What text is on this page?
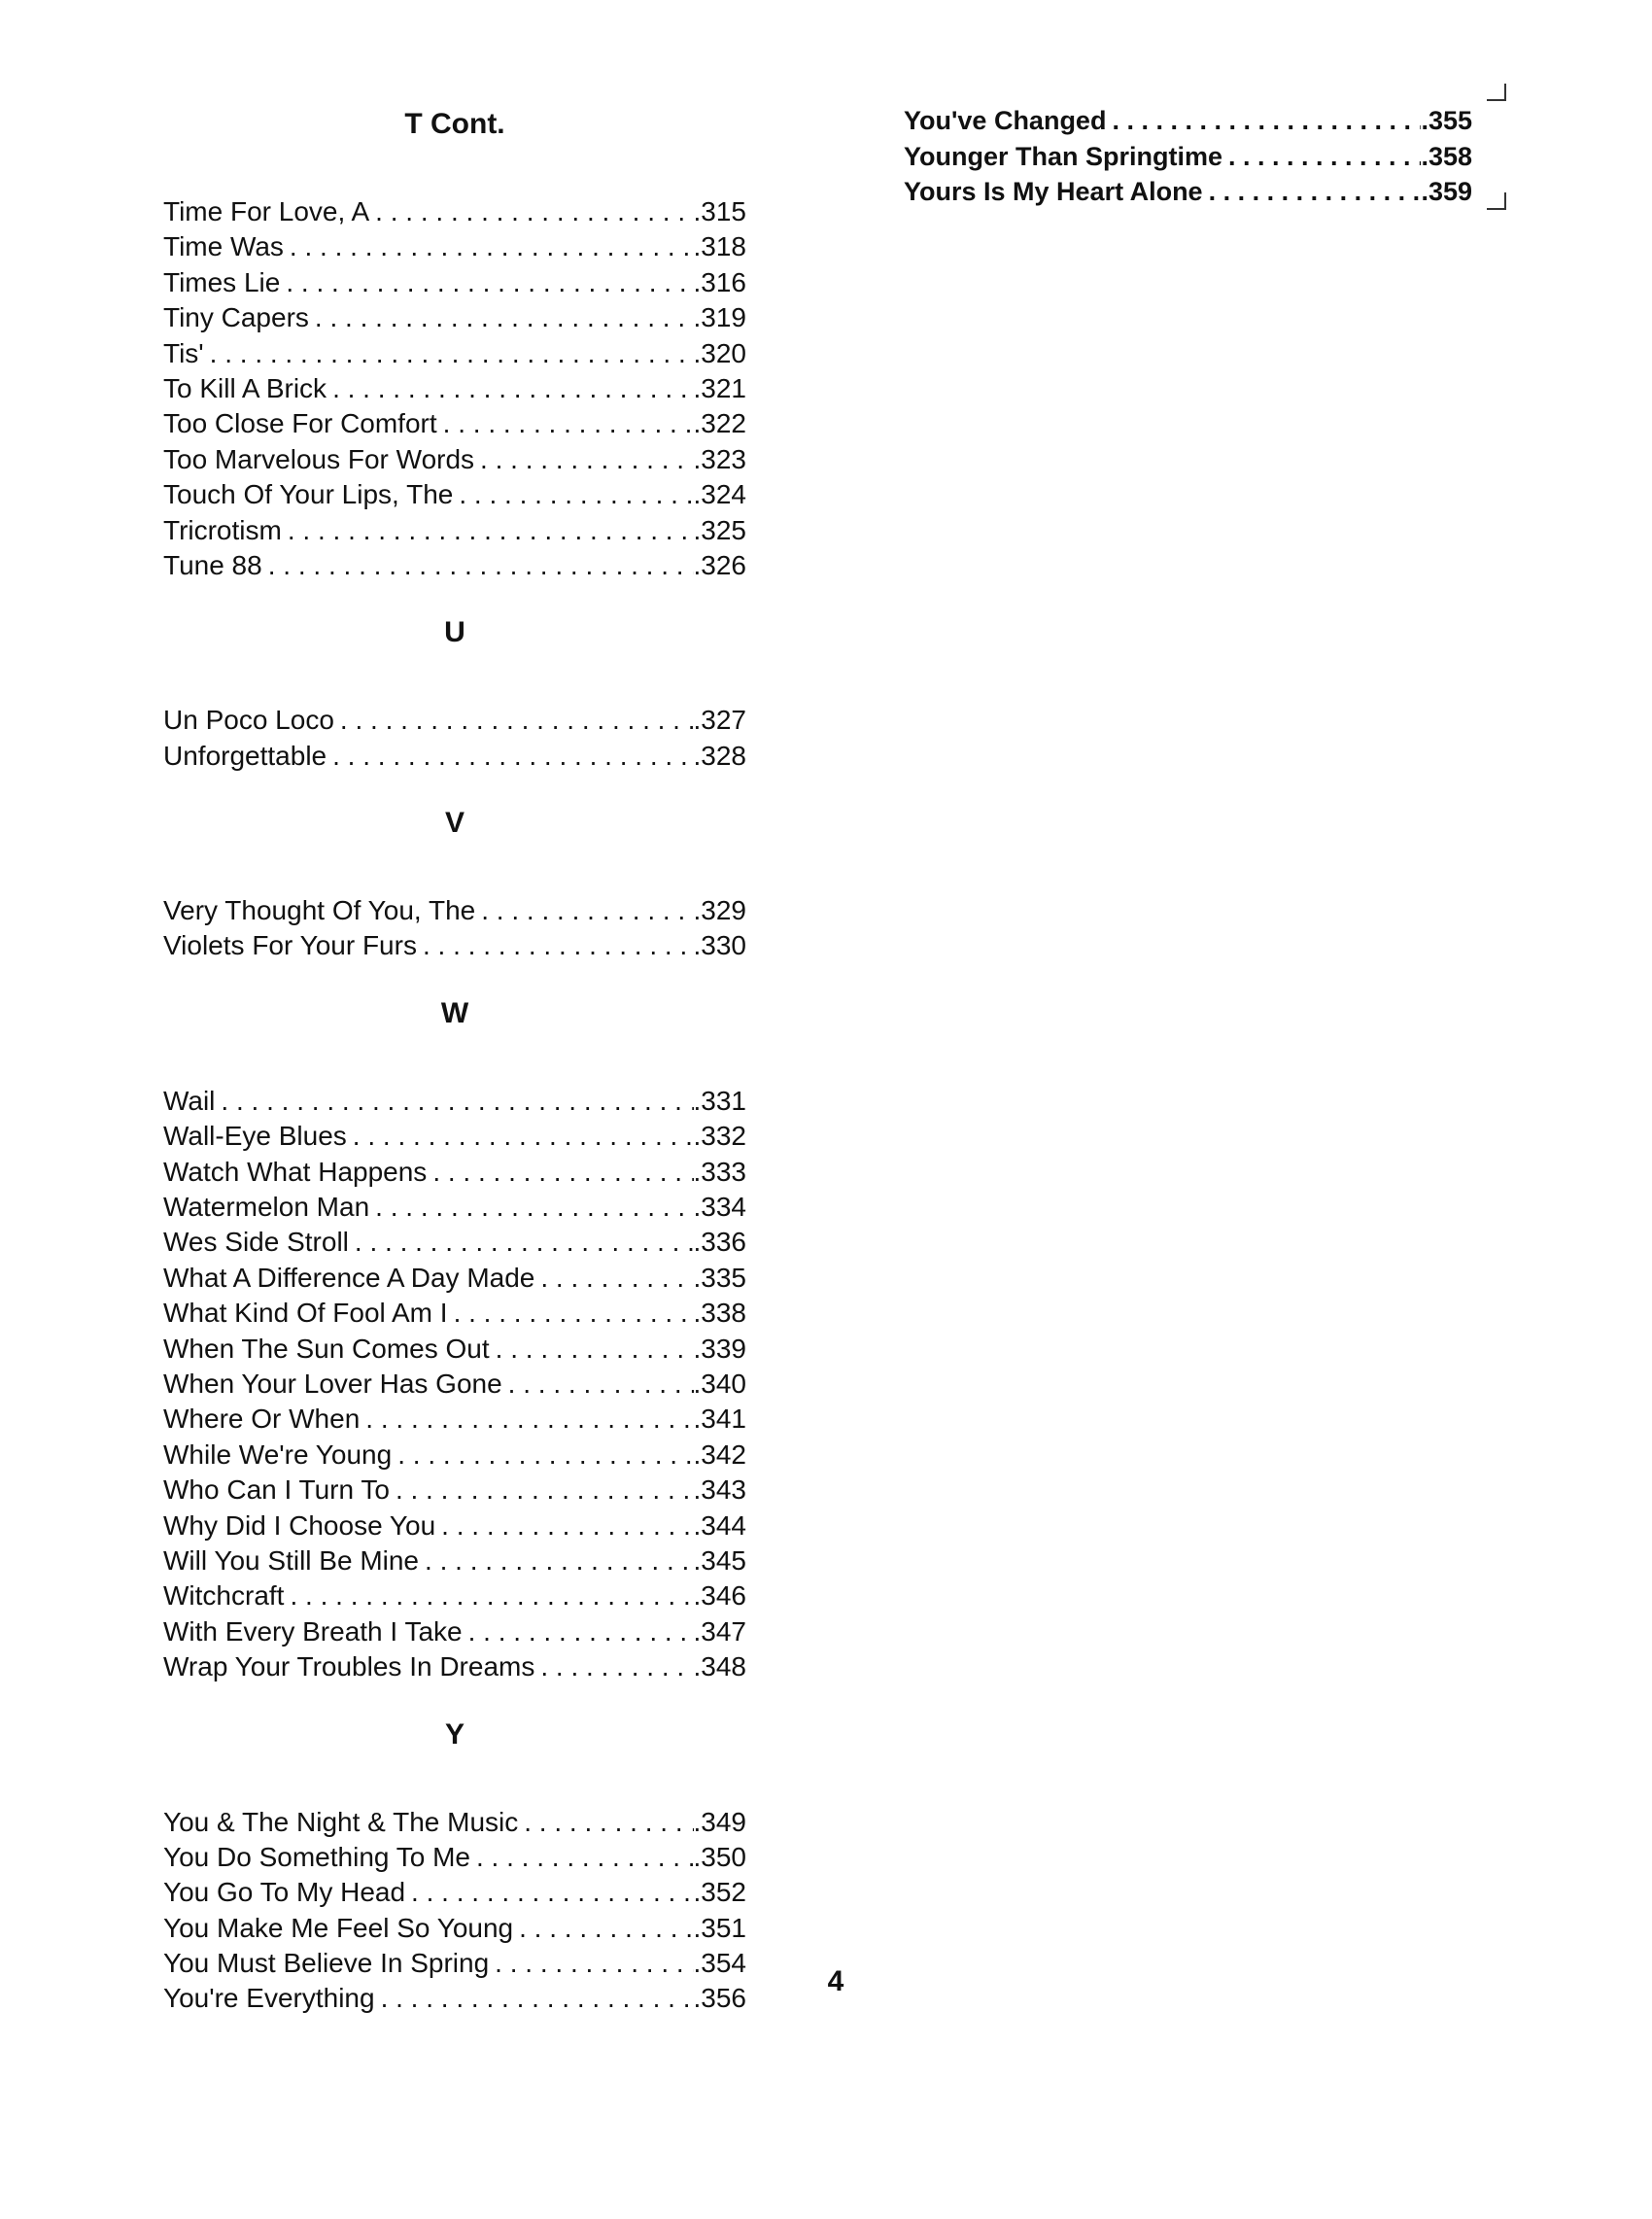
T Cont.
Time For Love, A . . .	.315
Time Was . . .	.318
Times Lie . . .	.316
Tiny Capers . . .	.319
Tis' . . .	.320
To Kill A Brick . . .	.321
Too Close For Comfort . . .	.322
Too Marvelous For Words . . .	.323
Touch Of Your Lips, The . . .	.324
Tricrotism . . .	.325
Tune 88 . . .	.326
U
Un Poco Loco . . .	.327
Unforgettable . . .	.328
V
Very Thought Of You, The . . .	.329
Violets For Your Furs . . .	.330
W
Wail . . .	.331
Wall-Eye Blues . . .	.332
Watch What Happens . . .	.333
Watermelon Man . . .	.334
Wes Side Stroll . . .	.336
What A Difference A Day Made . . .	.335
What Kind Of Fool Am I . . .	.338
When The Sun Comes Out . . .	.339
When Your Lover Has Gone . . .	.340
Where Or When . . .	.341
While We're Young . . .	.342
Who Can I Turn To . . .	.343
Why Did I Choose You . . .	.344
Will You Still Be Mine . . .	.345
Witchcraft . . .	.346
With Every Breath I Take . . .	.347
Wrap Your Troubles In Dreams . . .	.348
Y
You & The Night & The Music . . .	.349
You Do Something To Me . . .	.350
You Go To My Head . . .	.352
You Make Me Feel So Young . . .	.351
You Must Believe In Spring . . .	.354
You're Everything . . .	.356
You've Changed . . .	.355
Younger Than Springtime . . .	.358
Yours Is My Heart Alone . . .	.359
4
